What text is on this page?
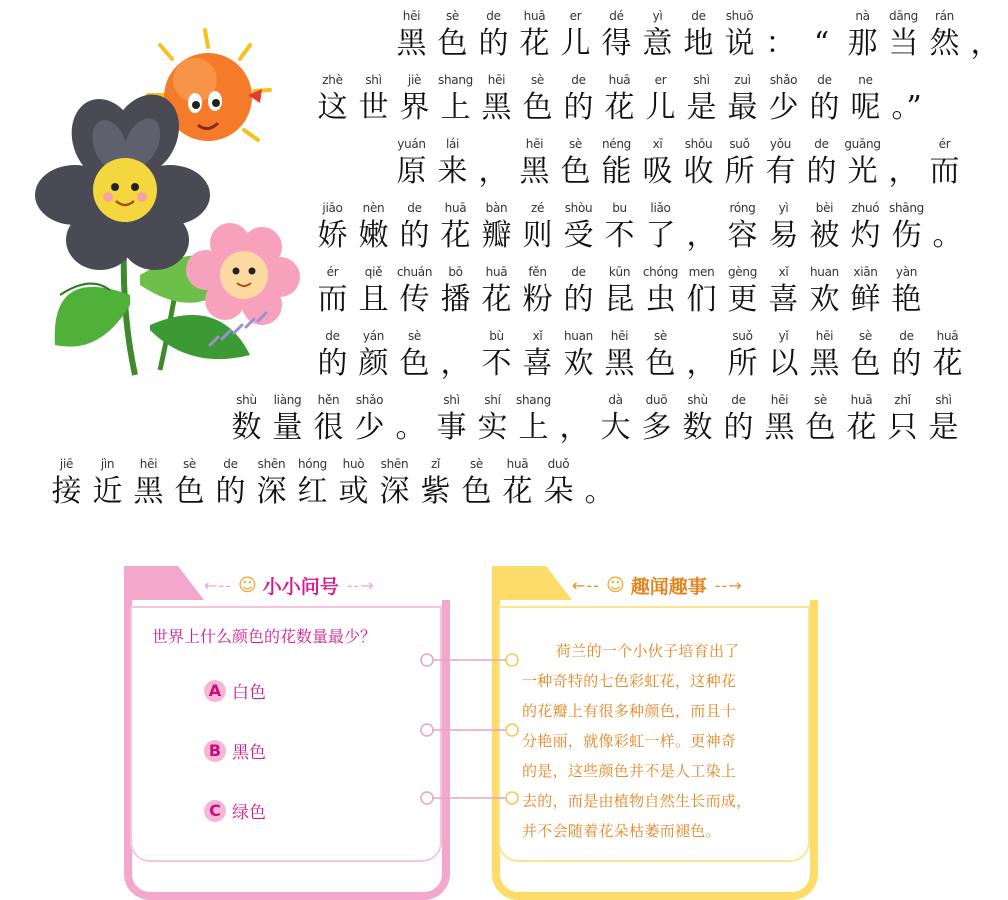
hēi
黑
sè
色
de
的
huā
花
er
儿
dé
得
yì
意
de
地
shuō
说 ： “
nà
那
dāng
当
rán
然 ，
zhè
这
shì
世
jiè
界
shang
上
hēi
黑
sè
色
de
的
huā
花
er
儿
shì
是
zuì
最
shǎo
少
de
的
ne
呢 。”
yuán
原
lái
来 ，
hēi
黑
sè
色
néng
能
xī
吸
shōu
收
suǒ
所
yǒu
有
de
的
guāng
光 ，
ér
而
jiāo
娇
nèn
嫩
de
的
huā
花
bàn
瓣
zé
则
shòu
受
bu
不
liǎo
了 ，
róng
容
yì
易
bèi
被
zhuó
灼
shāng
伤 。
ér
而
qiě
且
chuán
传
bō
播
huā
花
fěn
粉
de
的
kūn
昆
chóng
虫
men
们
gèng
更
xǐ
喜
huan
欢
xiān
鲜
yàn
艳
de
的
yán
颜
sè
色 ，
bù
不
xǐ
喜
huan
欢
hēi
黑
sè
色 ，
suǒ
所
yǐ
以
hēi
黑
sè
色
de
的
huā
花
shù
数
liàng
量
hěn
很
shǎo
少 。
shì
事
shí
实
shang
上 ，
dà
大
duō
多
shù
数
de
的
hēi
黑
sè
色
huā
花
zhǐ
只
shì
是
jiē
接
jìn
近
hēi
黑
sè
色
de
的
shēn
深
hóng
红
huò
或
shēn
深
zǐ
紫
sè
色
huā
花
duǒ
朵 。
←-- ☺ 小小问号 --→
世界上什么颜色的花数量最少？
A 白色
B 黑色
C 绿色
←-- ☺ 趣闻趣事 --→
荷兰的一个小伙子培育出了
一种奇特的七色彩虹花，这种花
的花瓣上有很多种颜色，而且十
分艳丽，就像彩虹一样。更神奇
的是，这些颜色并不是人工染上
去的，而是由植物自然生长而成，
并不会随着花朵枯萎而褪色。
